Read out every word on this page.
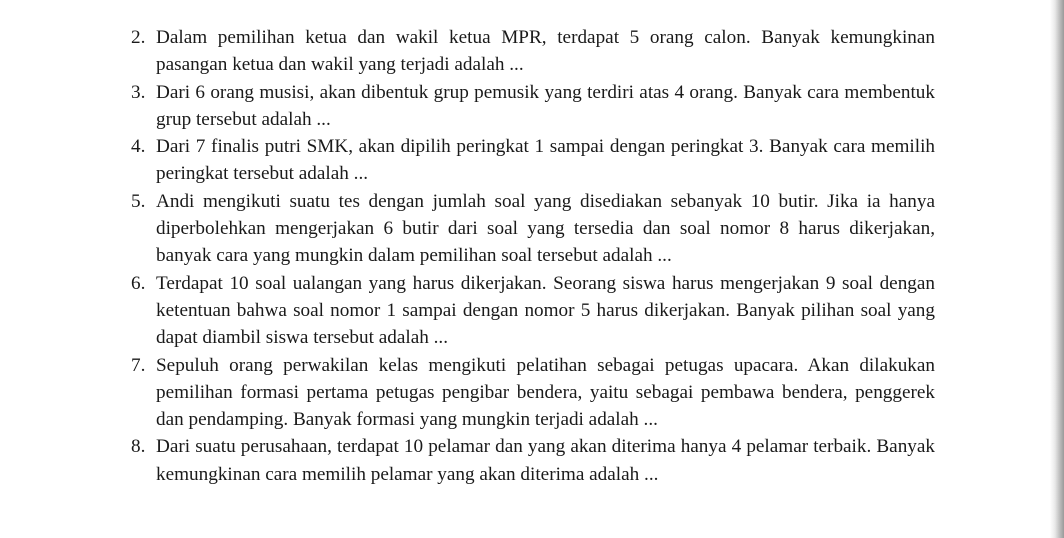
2. Dalam pemilihan ketua dan wakil ketua MPR, terdapat 5 orang calon. Banyak kemungkinan pasangan ketua dan wakil yang terjadi adalah ...
3. Dari 6 orang musisi, akan dibentuk grup pemusik yang terdiri atas 4 orang. Banyak cara membentuk grup tersebut adalah ...
4. Dari 7 finalis putri SMK, akan dipilih peringkat 1 sampai dengan peringkat 3. Banyak cara memilih peringkat tersebut adalah ...
5. Andi mengikuti suatu tes dengan jumlah soal yang disediakan sebanyak 10 butir. Jika ia hanya diperbolehkan mengerjakan 6 butir dari soal yang tersedia dan soal nomor 8 harus dikerjakan, banyak cara yang mungkin dalam pemilihan soal tersebut adalah ...
6. Terdapat 10 soal ualangan yang harus dikerjakan. Seorang siswa harus mengerjakan 9 soal dengan ketentuan bahwa soal nomor 1 sampai dengan nomor 5 harus dikerjakan. Banyak pilihan soal yang dapat diambil siswa tersebut adalah ...
7. Sepuluh orang perwakilan kelas mengikuti pelatihan sebagai petugas upacara. Akan dilakukan pemilihan formasi pertama petugas pengibar bendera, yaitu sebagai pembawa bendera, penggerek dan pendamping. Banyak formasi yang mungkin terjadi adalah ...
8. Dari suatu perusahaan, terdapat 10 pelamar dan yang akan diterima hanya 4 pelamar terbaik. Banyak kemungkinan cara memilih pelamar yang akan diterima adalah ...
